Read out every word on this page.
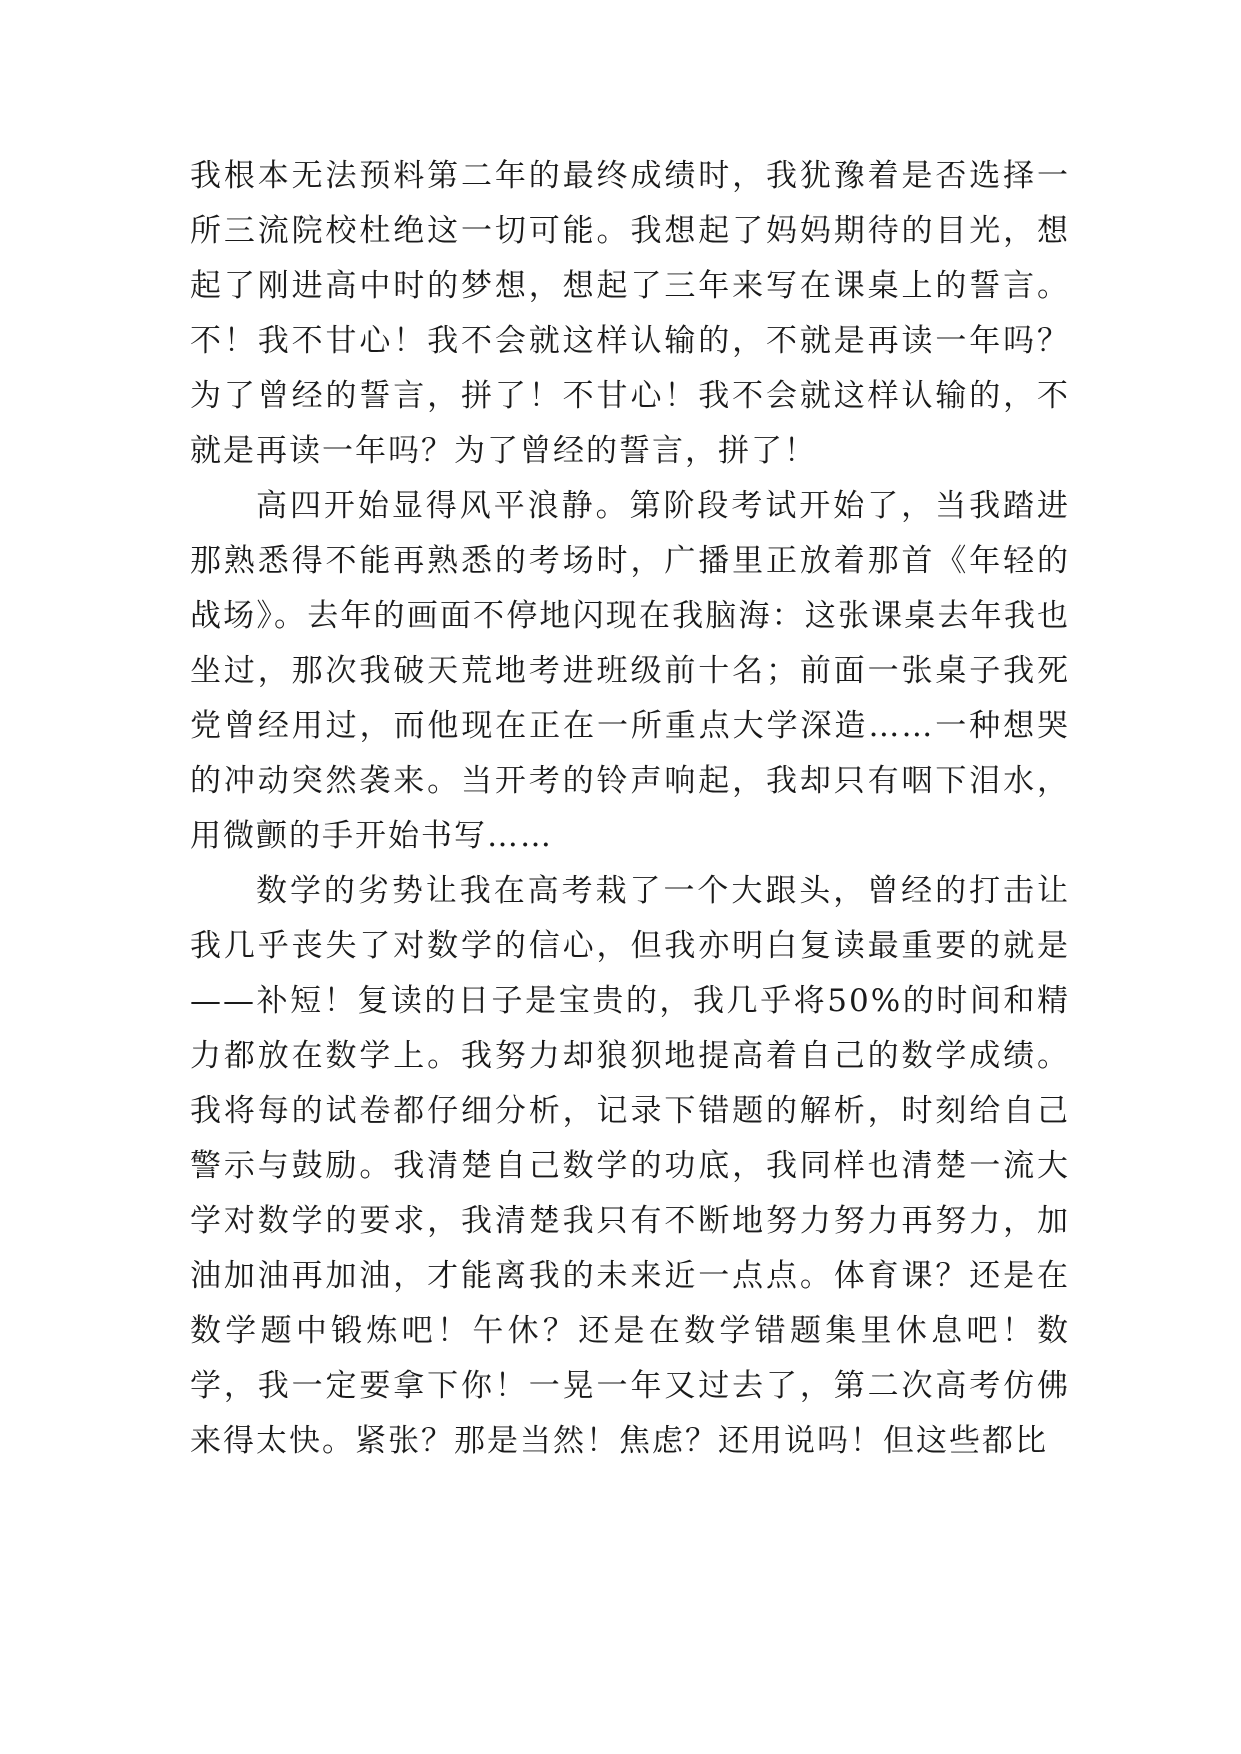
我根本无法预料第二年的最终成绩时，我犹豫着是否选择一所三流院校杜绝这一切可能。我想起了妈妈期待的目光，想起了刚进高中时的梦想，想起了三年来写在课桌上的誓言。不！我不甘心！我不会就这样认输的，不就是再读一年吗？为了曾经的誓言，拼了！不甘心！我不会就这样认输的，不就是再读一年吗？为了曾经的誓言，拼了！

高四开始显得风平浪静。第阶段考试开始了，当我踏进那熟悉得不能再熟悉的考场时，广播里正放着那首《年轻的战场》。去年的画面不停地闪现在我脑海：这张课桌去年我也坐过，那次我破天荒地考进班级前十名；前面一张桌子我死党曾经用过，而他现在正在一所重点大学深造……一种想哭的冲动突然袭来。当开考的铃声响起，我却只有咽下泪水，用微颤的手开始书写……

数学的劣势让我在高考栽了一个大跟头，曾经的打击让我几乎丧失了对数学的信心，但我亦明白复读最重要的就是——补短！复读的日子是宝贵的，我几乎将50%的时间和精力都放在数学上。我努力却狼狈地提高着自己的数学成绩。我将每的试卷都仔细分析，记录下错题的解析，时刻给自己警示与鼓励。我清楚自己数学的功底，我同样也清楚一流大学对数学的要求，我清楚我只有不断地努力努力再努力，加油加油再加油，才能离我的未来近一点点。体育课？还是在数学题中锻炼吧！午休？还是在数学错题集里休息吧！数学，我一定要拿下你！一晃一年又过去了，第二次高考仿佛来得太快。紧张？那是当然！焦虑？还用说吗！但这些都比
